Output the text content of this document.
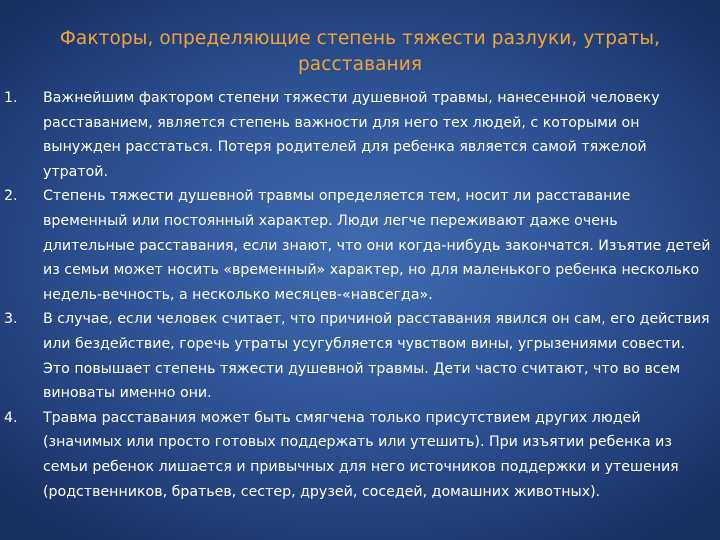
Факторы, определяющие степень тяжести разлуки, утраты,
расставания
1. Важнейшим фактором степени тяжести душевной травмы, нанесенной человеку расставанием, является степень важности для него тех людей, с которыми он вынужден расстаться. Потеря родителей для ребенка является самой тяжелой утратой.
2. Степень тяжести душевной травмы определяется тем, носит ли расставание временный или постоянный характер. Люди легче переживают даже очень длительные расставания, если знают, что они когда-нибудь закончатся. Изъятие детей из семьи может носить «временный» характер, но для маленького ребенка несколько недель-вечность, а несколько месяцев-«навсегда».
3. В случае, если человек считает, что причиной расставания явился он сам, его действия или бездействие, горечь утраты усугубляется чувством вины, угрызениями совести. Это повышает степень тяжести душевной травмы. Дети часто считают, что во всем виноваты именно они.
4. Травма расставания может быть смягчена только присутствием других людей (значимых или просто готовых поддержать или утешить). При изъятии ребенка из семьи ребенок лишается и привычных для него источников поддержки и утешения (родственников, братьев, сестер, друзей, соседей, домашних животных).
